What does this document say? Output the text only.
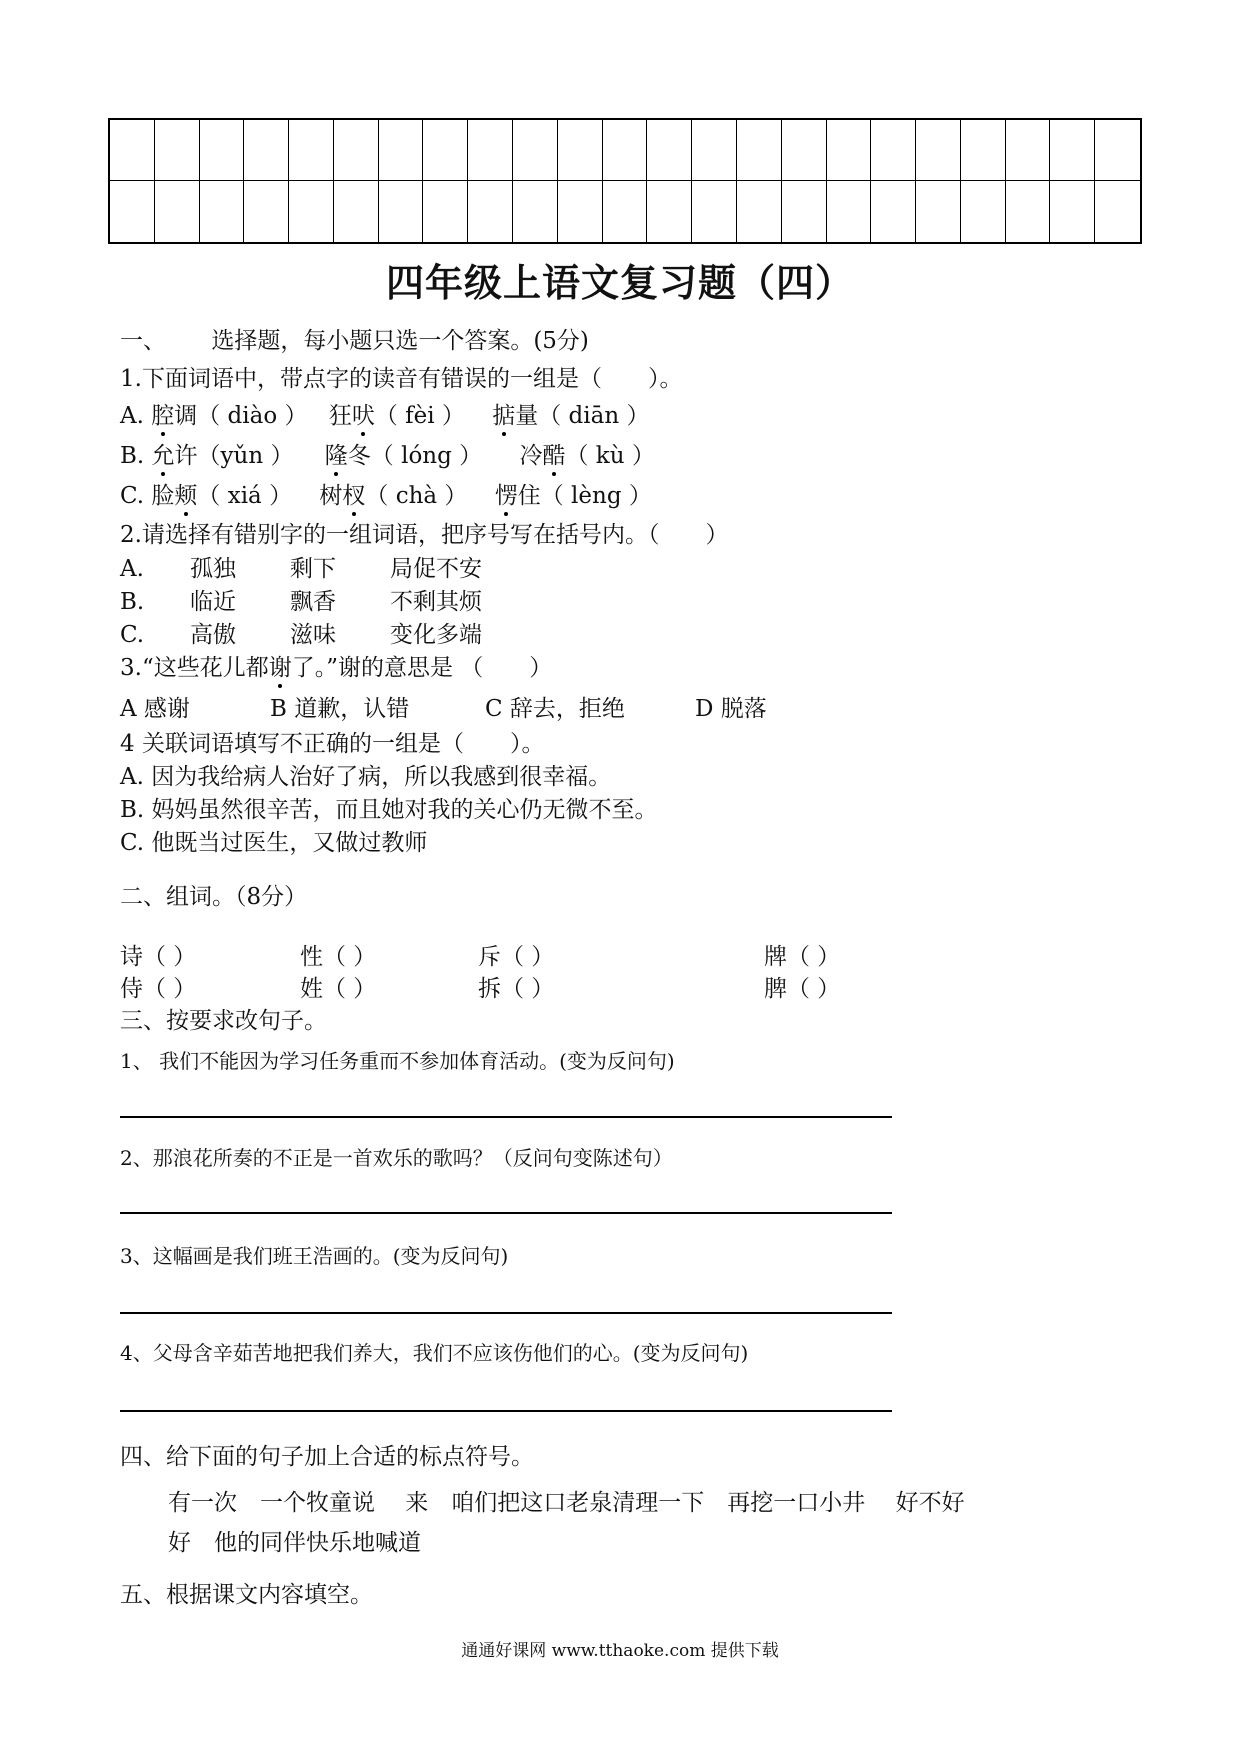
四年级上语文复习题（四）
一、 选择题，每小题只选一个答案。(5分)
1.下面词语中，带点字的读音有错误的一组是（　　）。
A. 腔调（ diào ） 狂吠（ fèi ） 掂量（ diān ）
B. 允许（yǔn ） 隆冬（ lóng ） 冷酷（ kù ）
C. 脸颊（ xiá ） 树杈（ chà ） 愣住（ lèng ）
2.请选择有错别字的一组词语，把序号写在括号内。（　　）
A. 孤独 剩下 局促不安
B. 临近 飘香 不剩其烦
C. 高傲 滋味 变化多端
3.“这些花儿都谢了。”谢的意思是 （　　）
A 感谢	B 道歉，认错	C 辞去，拒绝	D 脱落
4 关联词语填写不正确的一组是（　　）。
A. 因为我给病人治好了病，所以我感到很幸福。
B. 妈妈虽然很辛苦，而且她对我的关心仍无微不至。
C. 他既当过医生，又做过教师
二、组词。（8分）
诗（ ）	性（ ）	斥（ ）	牌（ ）
侍（ ）	姓（ ）	拆（ ）	脾（ ）
三、按要求改句子。
1、 我们不能因为学习任务重而不参加体育活动。(变为反问句)
2、那浪花所奏的不正是一首欢乐的歌吗？（反问句变陈述句）
3、这幅画是我们班王浩画的。(变为反问句)
4、父母含辛茹苦地把我们养大，我们不应该伤他们的心。(变为反问句)
四、给下面的句子加上合适的标点符号。
有一次　一个牧童说　 来　咱们把这口老泉清理一下　再挖一口小井　 好不好
好　他的同伴快乐地喊道
五、根据课文内容填空。
通通好课网 www.tthaoke.com 提供下载
